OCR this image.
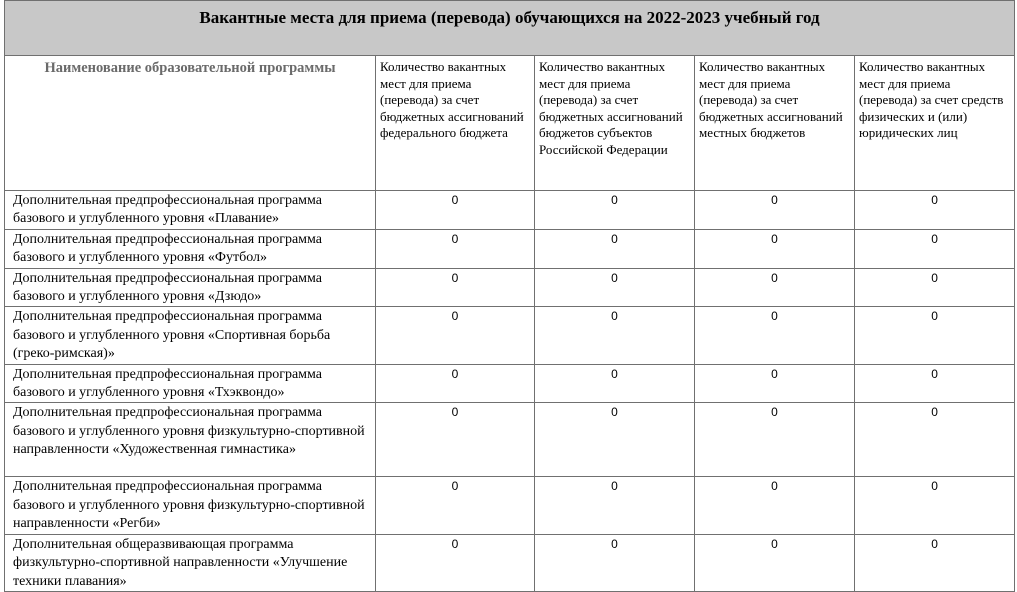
Вакантные места для приема (перевода) обучающихся на 2022-2023 учебный год				
Наименование образовательной программы	Количество вакантных мест для приема (перевода) за счет бюджетных ассигнований федерального бюджета	Количество вакантных мест для приема (перевода) за счет бюджетных ассигнований бюджетов субъектов Российской Федерации	Количество вакантных мест для приема (перевода) за счет бюджетных ассигнований местных бюджетов	Количество вакантных мест для приема (перевода) за счет средств физических и (или) юридических лиц
Дополнительная предпрофессиональная программа базового и углубленного уровня «Плавание»	0	0	0	0
Дополнительная предпрофессиональная программа базового и углубленного уровня «Футбол»	0	0	0	0
Дополнительная предпрофессиональная программа базового и углубленного уровня «Дзюдо»	0	0	0	0
Дополнительная предпрофессиональная программа базового и углубленного уровня «Спортивная борьба (греко-римская)»	0	0	0	0
Дополнительная предпрофессиональная программа базового и углубленного уровня «Тхэквондо»	0	0	0	0
Дополнительная предпрофессиональная программа базового и углубленного уровня физкультурно-спортивной направленности «Художественная гимнастика»	0	0	0	0
Дополнительная предпрофессиональная программа базового и углубленного уровня физкультурно-спортивной направленности «Регби»	0	0	0	0
Дополнительная общеразвивающая программа физкультурно-спортивной направленности «Улучшение техники плавания»	0	0	0	0
